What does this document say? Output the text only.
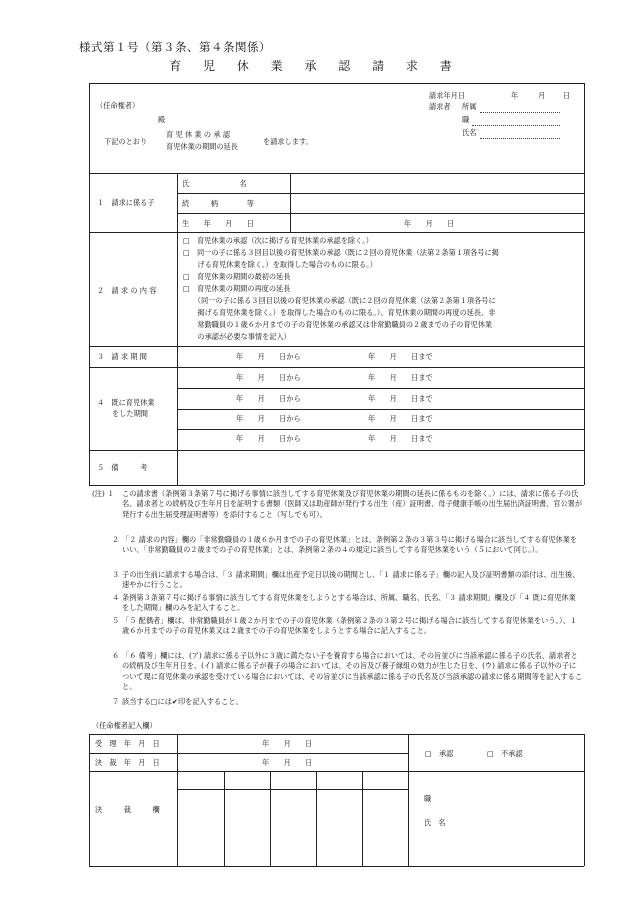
様式第１号（第３条、第４条関係）
育 児 休 業 承 認 請 求 書
（任命権者）
殿
請求年月日	年	月 日
請求者 所属
職
氏名
下記のとおり
育 児 休 業 の 承 認
育児休業の期間の延長
を請求します。
１　請求に係る子
氏　　　　　　　名
続　　　柄　　　　等
生　　年　　月　　日	年　　月　　日
２　請 求 の 内 容
□　育児休業の承認（次に掲げる育児休業の承認を除く。）
□　同一の子に係る３回目以後の育児休業の承認（既に２回の育児休業（法第２条第１項各号に掲
　　げる育児休業を除く。）を取得した場合のものに限る。）
□　育児休業の期間の最初の延長
□　育児休業の期間の再度の延長
　　（同一の子に係る３回目以後の育児休業の承認（既に２回の育児休業（法第２条第１項各号に
　　掲げる育児休業を除く。）を取得した場合のものに限る。）、育児休業の期間の再度の延長、非
　　常勤職員の１歳６か月までの子の育児休業の承認又は非常勤職員の２歳までの子の育児休業
　　の承認が必要な事情を記入）
３　請 求 期 間	年　　月　　日から	年　　月　　日まで
４　既に育児休業
をした期間
年　　月　　日から	年　　月　　日まで
年　　月　　日から	年　　月　　日まで
年　　月　　日から	年　　月　　日まで
年　　月　　日から	年　　月　　日まで
５　備　　　考
(注) １ この請求書（条例第３条第７号に掲げる事情に該当してする育児休業及び育児休業の期間の延長に係るものを除く。）には、請求に係る子の氏名、請求者との続柄及び生年月日を証明する書類（医師又は助産師が発行する出生（産）証明書、母子健康手帳の出生届出済証明書、官公署が発行する出生届受理証明書等）を添付すること（写しでも可）。
２ 「２ 請求の内容」欄の「非常勤職員の１歳６か月までの子の育児休業」とは、条例第２条の３第３号に掲げる場合に該当してする育児休業をいい、「非常勤職員の２歳までの子の育児休業」とは、条例第２条の４の規定に該当してする育児休業をいう（５において同じ。）。
３ 子の出生前に請求する場合は、「３ 請求期間」欄は出産予定日以後の期間とし、「１ 請求に係る子」欄の記入及び証明書類の添付は、出生後、速やかに行うこと。
４ 条例第３条第７号に掲げる事情に該当してする育児休業をしようとする場合は、所属、職名、氏名、「３ 請求期間」欄及び「４ 既に育児休業をした期間」欄のみを記入すること。
５ 「５ 配偶者」欄は、非常勤職員が１歳２か月までの子の育児休業（条例第２条の３第２号に掲げる場合に該当してする育児休業をいう。）、１歳６か月までの子の育児休業又は２歳までの子の育児休業をしようとする場合に記入すること。
６ 「６ 備考」欄には、(ア) 請求に係る子以外に３歳に満たない子を養育する場合においては、その旨並びに当該承認に係る子の氏名、請求者との続柄及び生年月日を、(イ) 請求に係る子が養子の場合においては、その旨及び養子縁組の効力が生じた日を、(ウ) 請求に係る子以外の子について現に育児休業の承認を受けている場合においては、その旨並びに当該承認に係る子の氏名及び当該承認の請求に係る期間等を記入すること。
７ 該当する□には✔印を記入すること。
（任命権者記入欄）
受　理　年　月　日	年　　月　　日
決　裁　年　月　日	年　　月　　日
□　承認	□　不承認
決　　　裁　　　欄
職
氏　名
